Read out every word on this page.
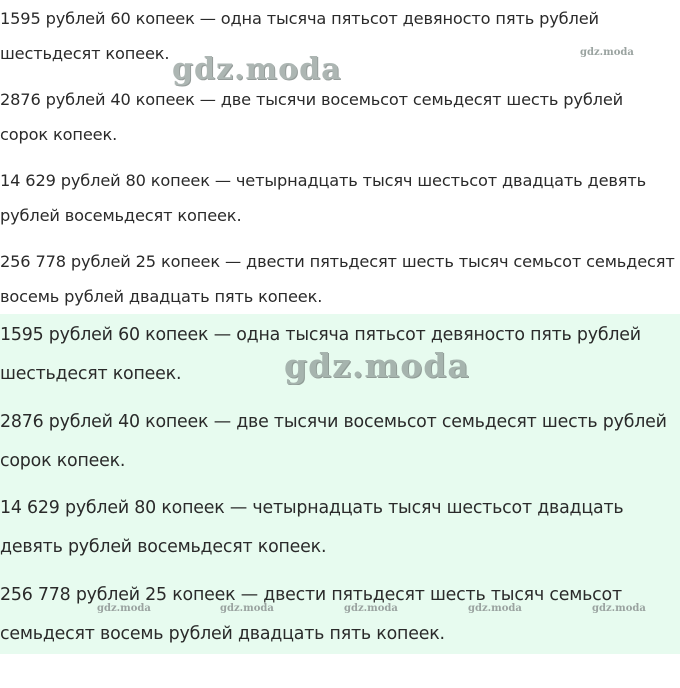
1595 рублей 60 копеек — одна тысяча пятьсот девяносто пять рублей
шестьдесят копеек.

2876 рублей 40 копеек — две тысячи восемьсот семьдесят шесть рублей
сорок копеек.

14 629 рублей 80 копеек — четырнадцать тысяч шестьсот двадцать девять
рублей восемьдесят копеек.

256 778 рублей 25 копеек — двести пятьдесят шесть тысяч семьсот семьдесят
восемь рублей двадцать пять копеек.

1595 рублей 60 копеек — одна тысяча пятьсот девяносто пять рублей
шестьдесят копеек.

2876 рублей 40 копеек — две тысячи восемьсот семьдесят шесть рублей
сорок копеек.

14 629 рублей 80 копеек — четырнадцать тысяч шестьсот двадцать
девять рублей восемьдесят копеек.

256 778 рублей 25 копеек — двести пятьдесят шесть тысяч семьсот
семьдесят восемь рублей двадцать пять копеек.

gdz.moda	gdz.moda
gdz.moda
gdz.moda	gdz.moda	gdz.moda	gdz.moda	gdz.moda
